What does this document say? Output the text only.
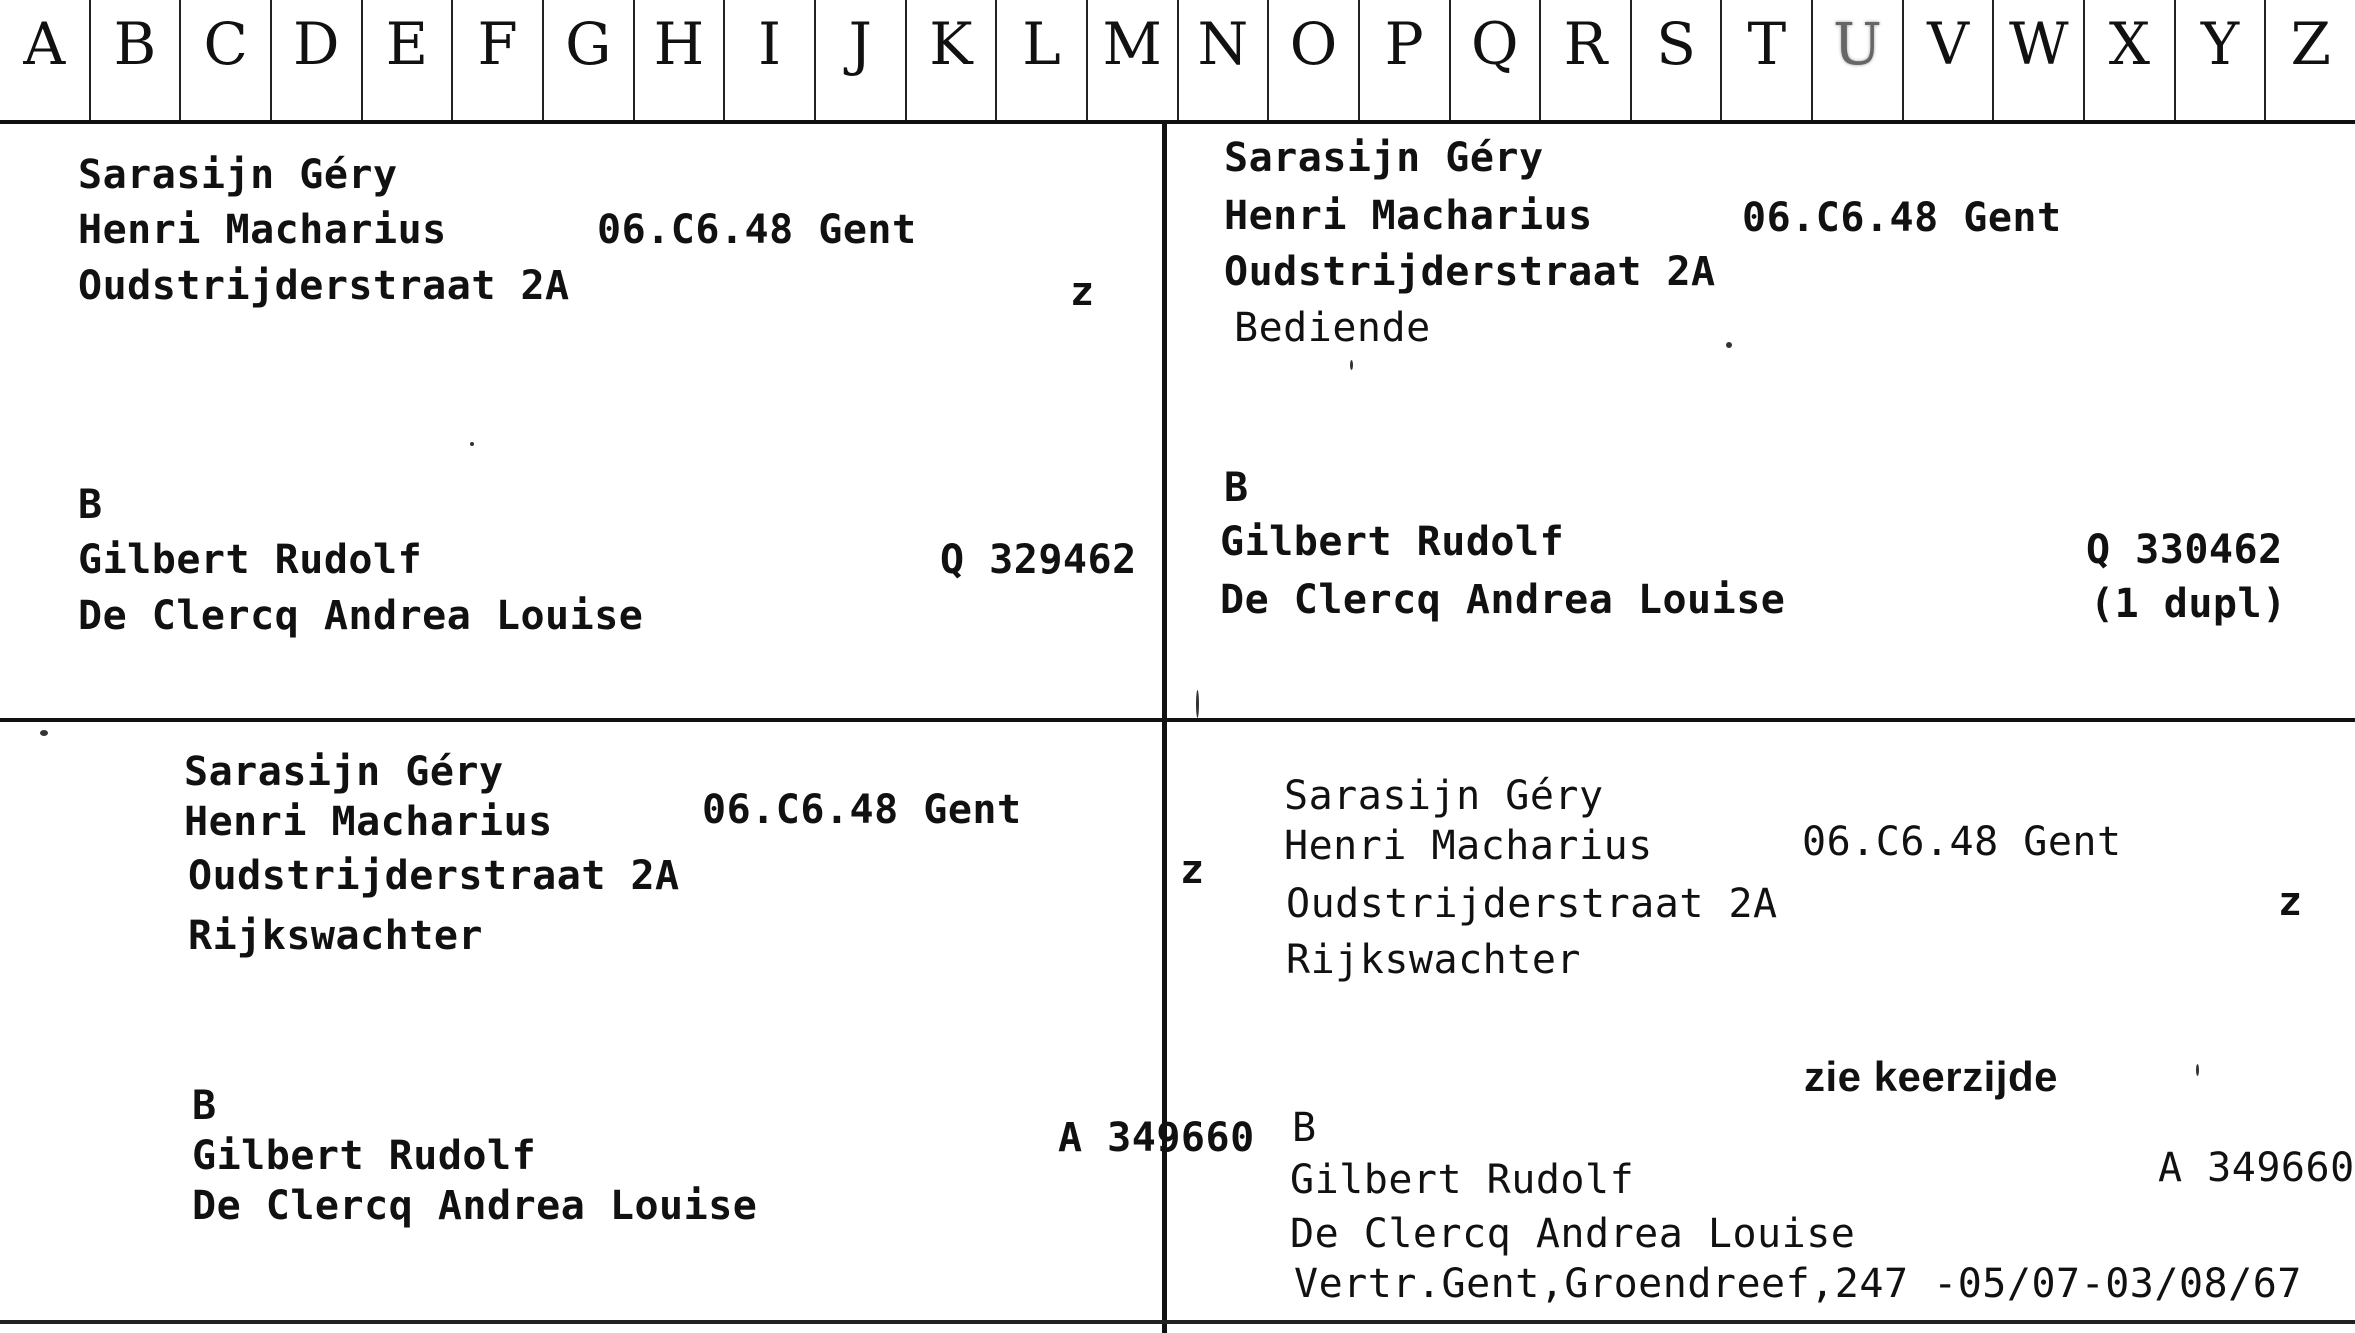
A B C D E F G H I	J K L M N O P Q R S T U V W X Y Z
Sarasijn Géry
Henri Macharius	06.C6.48 Gent
Oudstrijderstraat 2A	z
B
Gilbert Rudolf	Q 329462
De Clercq Andrea Louise
Sarasijn Géry
Henri Macharius	06.C6.48 Gent
Oudstrijderstraat 2A
Bediende
B
Gilbert Rudolf	Q 330462
De Clercq Andrea Louise	(1 dupl)
Sarasijn Géry
Henri Macharius	06.C6.48 Gent
Oudstrijderstraat 2A
Rijkswachter
B
Gilbert Rudolf	A 349660
De Clercq Andrea Louise
z
Sarasijn Géry
Henri Macharius	06.C6.48 Gent
Oudstrijderstraat 2A	z
Rijkswachter
zie keerzijde
B
Gilbert Rudolf	A 349660
De Clercq Andrea Louise
Vertr.Gent,Groendreef,247 -05/07-03/08/67
